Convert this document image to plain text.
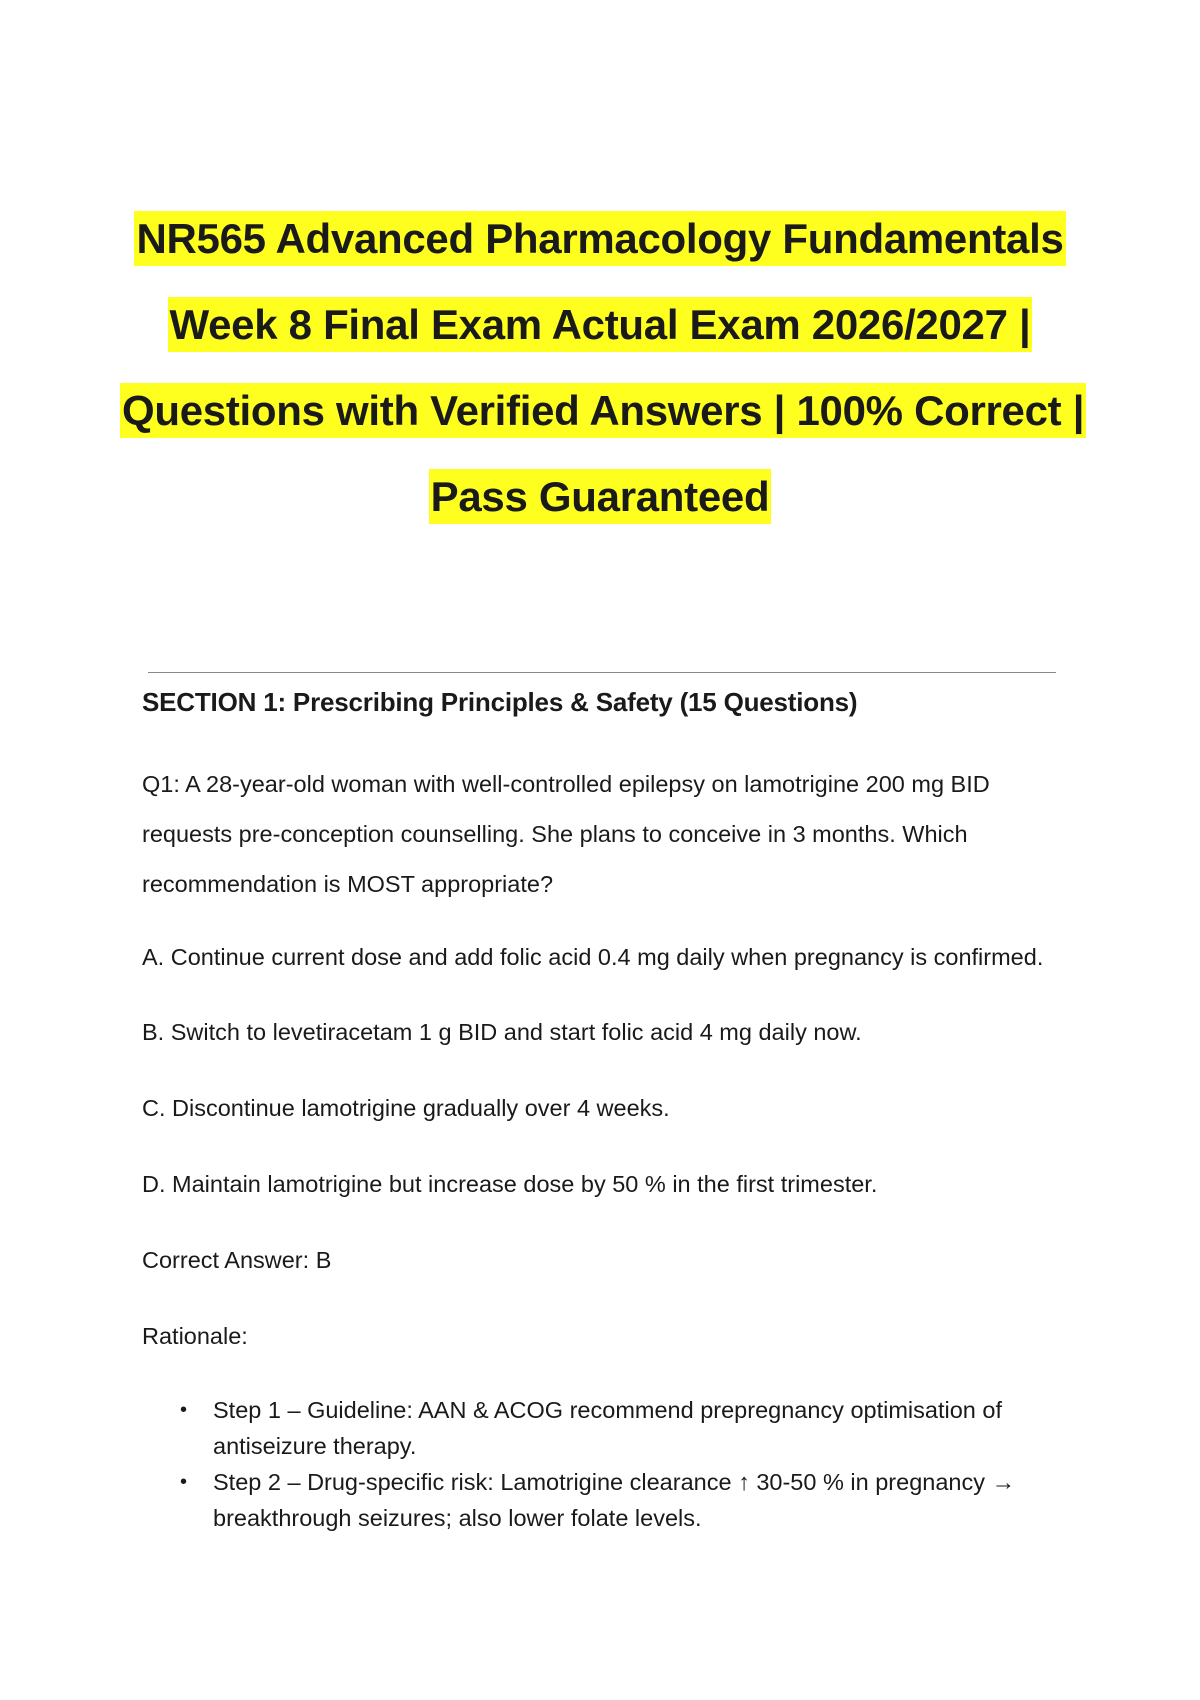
NR565 Advanced Pharmacology Fundamentals
Week 8 Final Exam Actual Exam 2026/2027 |
Questions with Verified Answers | 100% Correct |
Pass Guaranteed
SECTION 1: Prescribing Principles & Safety (15 Questions)
Q1: A 28-year-old woman with well-controlled epilepsy on lamotrigine 200 mg BID requests pre-conception counselling. She plans to conceive in 3 months. Which recommendation is MOST appropriate?
A. Continue current dose and add folic acid 0.4 mg daily when pregnancy is confirmed.
B. Switch to levetiracetam 1 g BID and start folic acid 4 mg daily now.
C. Discontinue lamotrigine gradually over 4 weeks.
D. Maintain lamotrigine but increase dose by 50 % in the first trimester.
Correct Answer: B
Rationale:
• Step 1 – Guideline: AAN & ACOG recommend prepregnancy optimisation of antiseizure therapy.
• Step 2 – Drug-specific risk: Lamotrigine clearance ↑ 30-50 % in pregnancy → breakthrough seizures; also lower folate levels.
